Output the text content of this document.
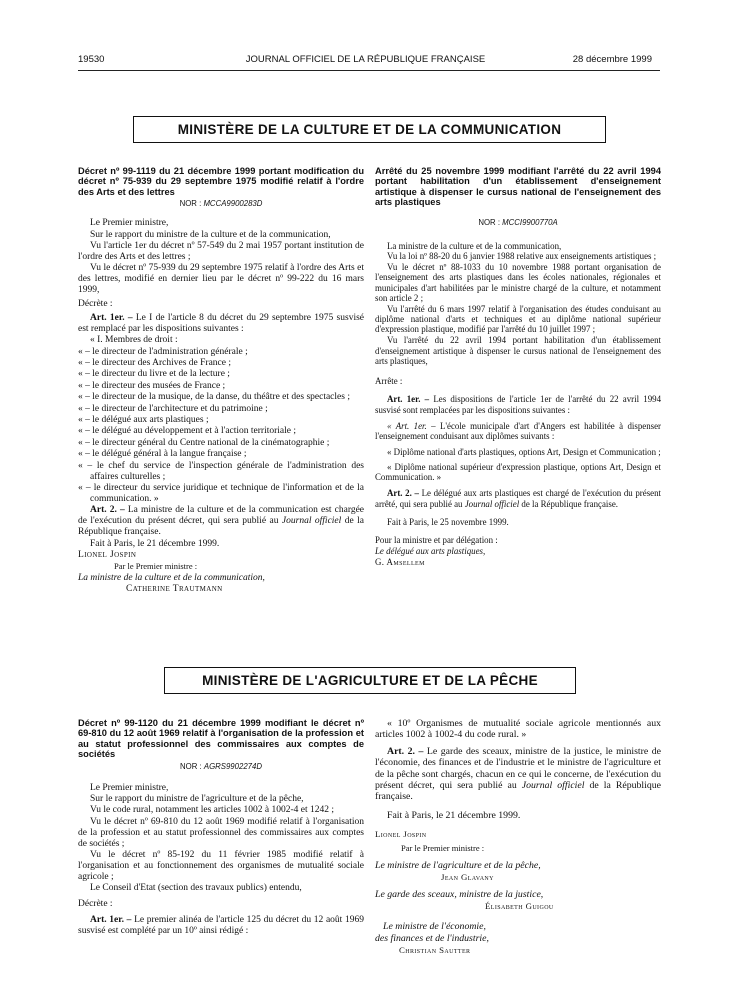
19530	JOURNAL OFFICIEL DE LA RÉPUBLIQUE FRANÇAISE	28 décembre 1999
MINISTÈRE DE LA CULTURE ET DE LA COMMUNICATION

Décret nº 99-1119 du 21 décembre 1999 portant modification du décret nº 75-939 du 29 septembre 1975 modifié relatif à l'ordre des Arts et des lettres

NOR : MCCA9900283D

Le Premier ministre,

Sur le rapport du ministre de la culture et de la communication,

Vu l'article 1er du décret nº 57-549 du 2 mai 1957 portant institution de l'ordre des Arts et des lettres ;

Vu le décret nº 75-939 du 29 septembre 1975 relatif à l'ordre des Arts et des lettres, modifié en dernier lieu par le décret nº 99-222 du 16 mars 1999,

Décrète :

Art. 1er. – Le I de l'article 8 du décret du 29 septembre 1975 susvisé est remplacé par les dispositions suivantes :

« I. Membres de droit :

« – le directeur de l'administration générale ;

« – le directeur des Archives de France ;

« – le directeur du livre et de la lecture ;

« – le directeur des musées de France ;

« – le directeur de la musique, de la danse, du théâtre et des spectacles ;

« – le directeur de l'architecture et du patrimoine ;

« – le délégué aux arts plastiques ;

« – le délégué au développement et à l'action territoriale ;

« – le directeur général du Centre national de la cinématographie ;

« – le délégué général à la langue française ;

« – le chef du service de l'inspection générale de l'administration des affaires culturelles ;

« – le directeur du service juridique et technique de l'information et de la communication. »

Art. 2. – La ministre de la culture et de la communication est chargée de l'exécution du présent décret, qui sera publié au Journal officiel de la République française.

Fait à Paris, le 21 décembre 1999.

Lionel Jospin

Par le Premier ministre :

La ministre de la culture et de la communication,

Catherine Trautmann

Arrêté du 25 novembre 1999 modifiant l'arrêté du 22 avril 1994 portant habilitation d'un établissement d'enseignement artistique à dispenser le cursus national de l'enseignement des arts plastiques

NOR : MCCI9900770A

La ministre de la culture et de la communication,

Vu la loi nº 88-20 du 6 janvier 1988 relative aux enseignements artistiques ;

Vu le décret nº 88-1033 du 10 novembre 1988 portant organisation de l'enseignement des arts plastiques dans les écoles nationales, régionales et municipales d'art habilitées par le ministre chargé de la culture, et notamment son article 2 ;

Vu l'arrêté du 6 mars 1997 relatif à l'organisation des études conduisant au diplôme national d'arts et techniques et au diplôme national supérieur d'expression plastique, modifié par l'arrêté du 10 juillet 1997 ;

Vu l'arrêté du 22 avril 1994 portant habilitation d'un établissement d'enseignement artistique à dispenser le cursus national de l'enseignement des arts plastiques,

Arrête :

Art. 1er. – Les dispositions de l'article 1er de l'arrêté du 22 avril 1994 susvisé sont remplacées par les dispositions suivantes :

« Art. 1er. – L'école municipale d'art d'Angers est habilitée à dispenser l'enseignement conduisant aux diplômes suivants :

« Diplôme national d'arts plastiques, options Art, Design et Communication ;

« Diplôme national supérieur d'expression plastique, options Art, Design et Communication. »

Art. 2. – Le délégué aux arts plastiques est chargé de l'exécution du présent arrêté, qui sera publié au Journal officiel de la République française.

Fait à Paris, le 25 novembre 1999.

Pour la ministre et par délégation :

Le délégué aux arts plastiques,

G. Amsellem

MINISTÈRE DE L'AGRICULTURE ET DE LA PÊCHE

Décret nº 99-1120 du 21 décembre 1999 modifiant le décret nº 69-810 du 12 août 1969 relatif à l'organisation de la profession et au statut professionnel des commissaires aux comptes de sociétés

NOR : AGRS9902274D

Le Premier ministre,

Sur le rapport du ministre de l'agriculture et de la pêche,

Vu le code rural, notamment les articles 1002 à 1002-4 et 1242 ;

Vu le décret nº 69-810 du 12 août 1969 modifié relatif à l'organisation de la profession et au statut professionnel des commissaires aux comptes de sociétés ;

Vu le décret nº 85-192 du 11 février 1985 modifié relatif à l'organisation et au fonctionnement des organismes de mutualité sociale agricole ;

Le Conseil d'Etat (section des travaux publics) entendu,

Décrète :

Art. 1er. – Le premier alinéa de l'article 125 du décret du 12 août 1969 susvisé est complété par un 10º ainsi rédigé :

« 10º Organismes de mutualité sociale agricole mentionnés aux articles 1002 à 1002-4 du code rural. »

Art. 2. – Le garde des sceaux, ministre de la justice, le ministre de l'économie, des finances et de l'industrie et le ministre de l'agriculture et de la pêche sont chargés, chacun en ce qui le concerne, de l'exécution du présent décret, qui sera publié au Journal officiel de la République française.

Fait à Paris, le 21 décembre 1999.

Lionel Jospin

Par le Premier ministre :

Le ministre de l'agriculture et de la pêche,

Jean Glavany

Le garde des sceaux, ministre de la justice,

Élisabeth Guigou

Le ministre de l'économie,

des finances et de l'industrie,

Christian Sautter
